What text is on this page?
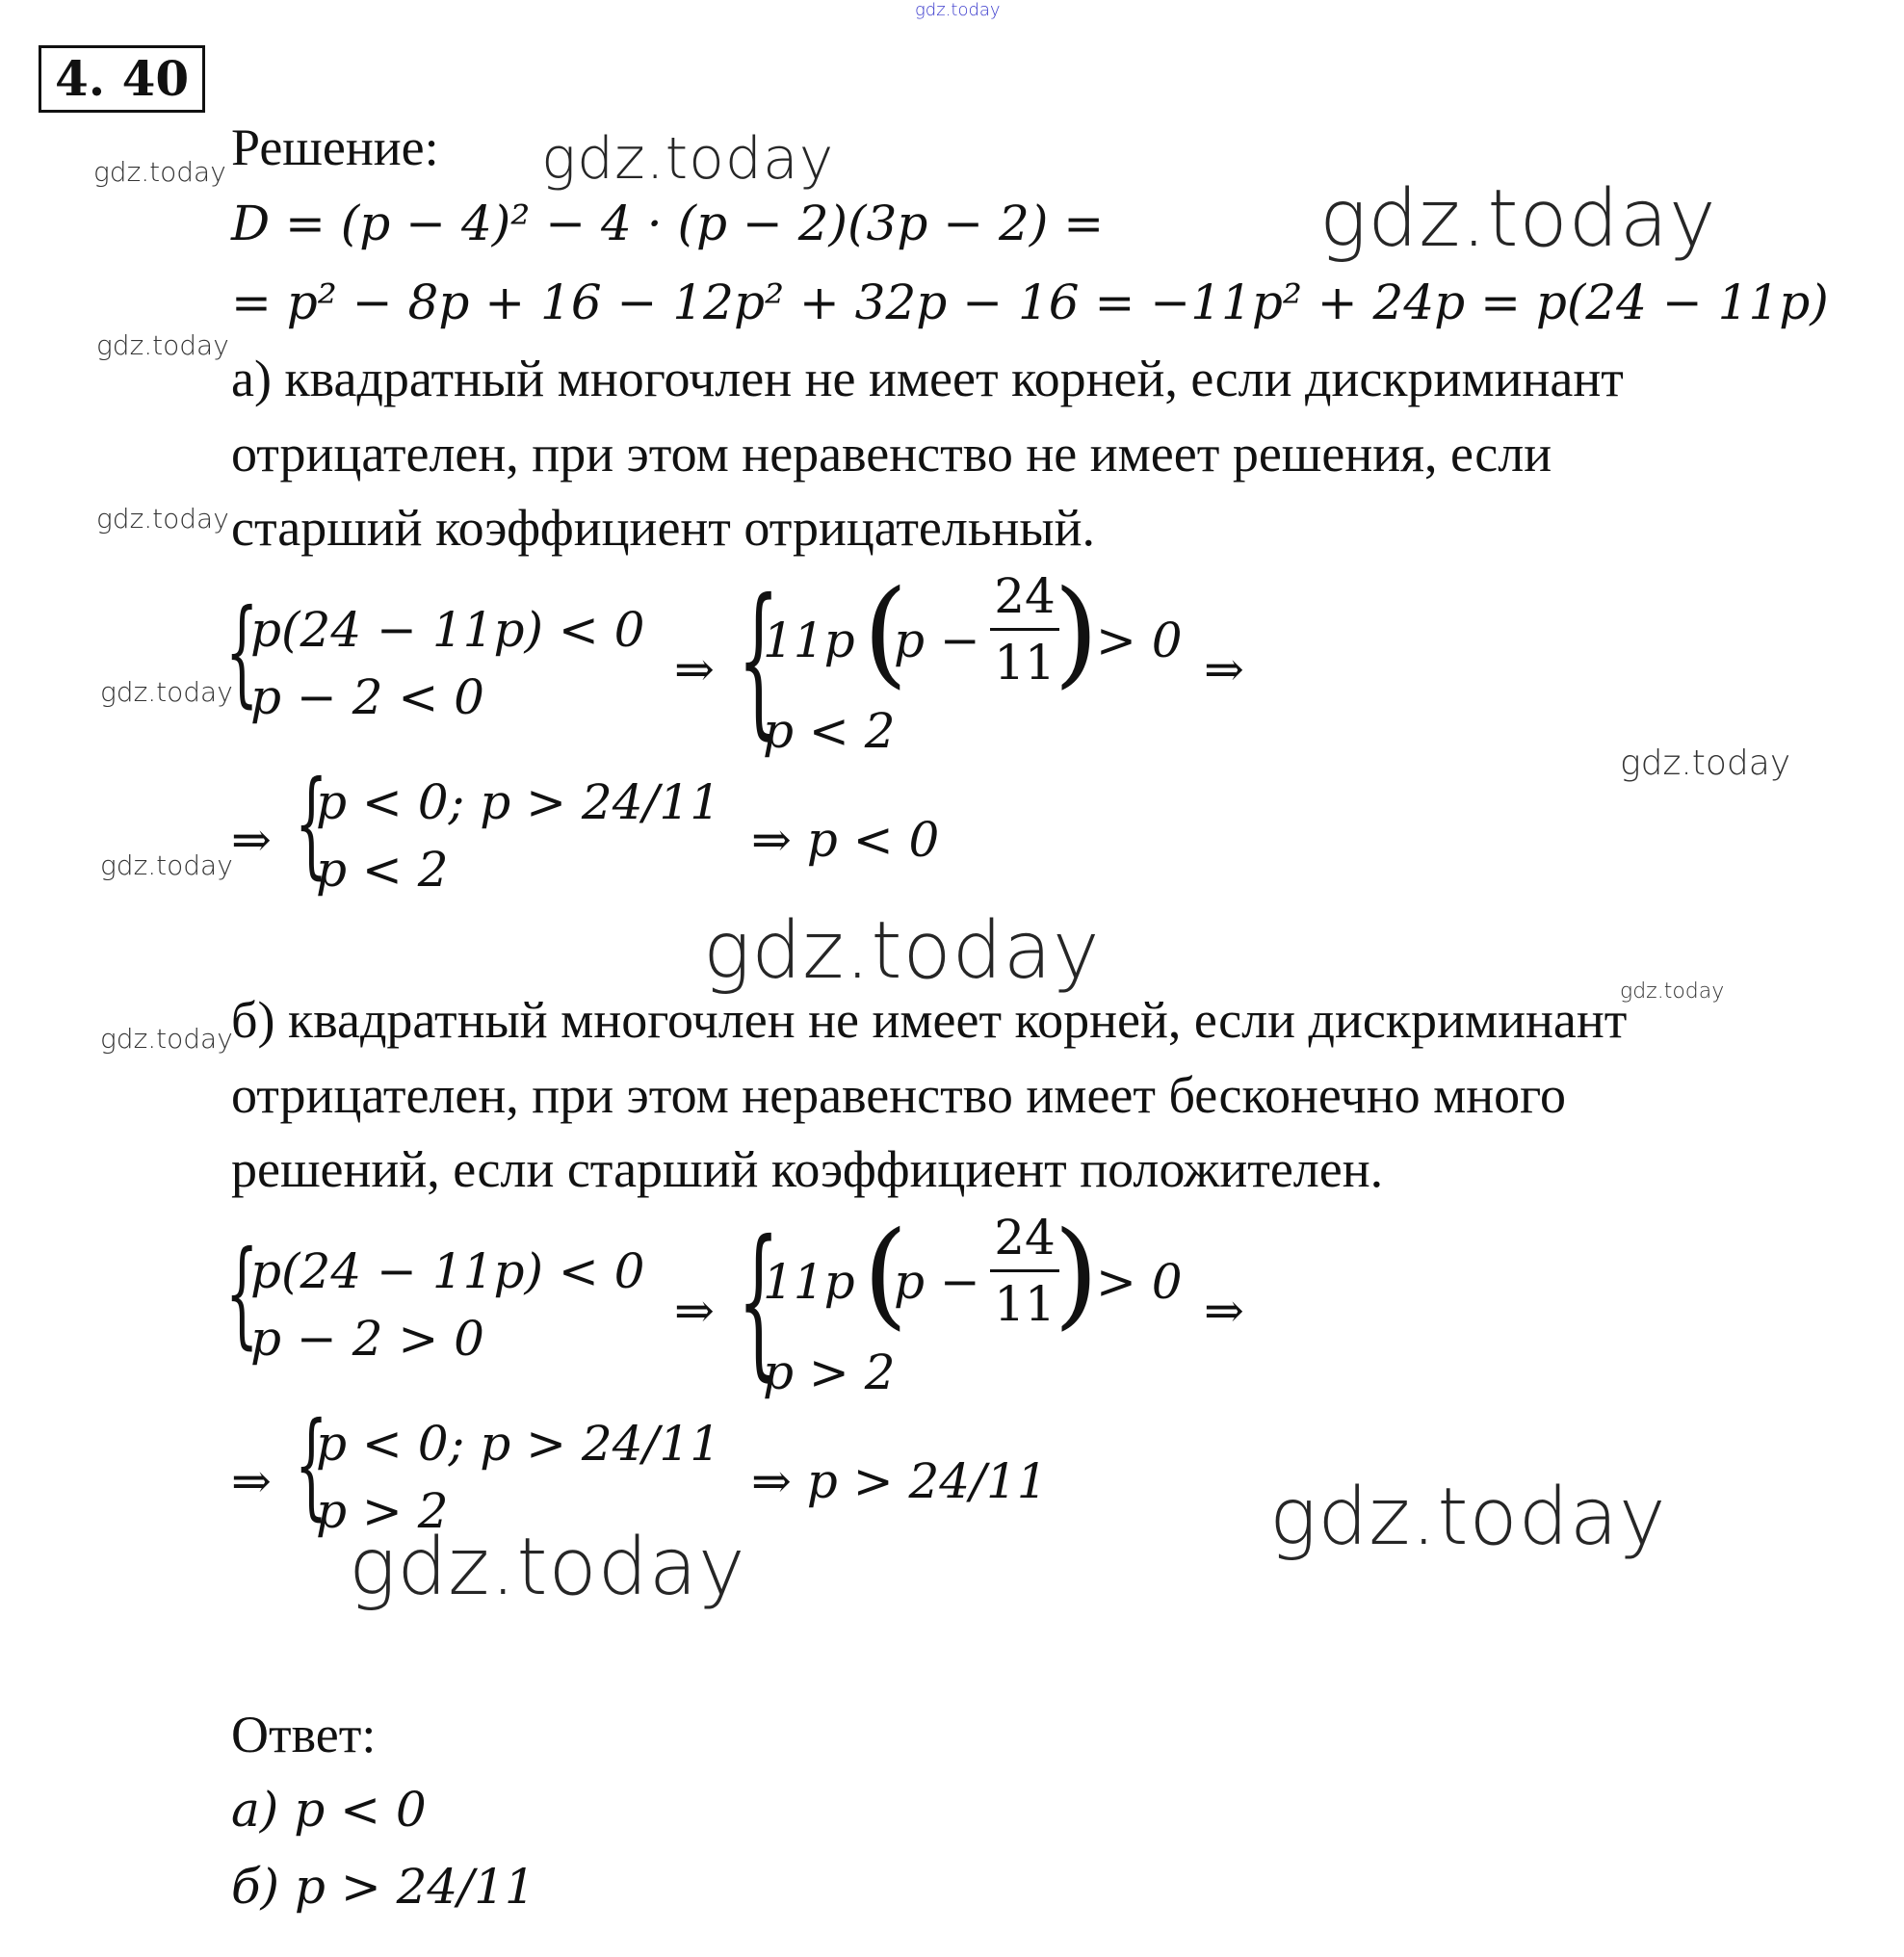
gdz.today
4. 40
gdz.today
gdz.today
gdz.today
gdz.today
gdz.today
gdz.today
gdz.today
gdz.today
gdz.today
gdz.today
gdz.today
gdz.today
gdz.today
Решение:
D = (p − 4)² − 4 · (p − 2)(3p − 2) =
= p² − 8p + 16 − 12p² + 32p − 16 = −11p² + 24p = p(24 − 11p)
а) квадратный многочлен не имеет корней, если дискриминант
отрицателен, при этом неравенство не имеет решения, если
старший коэффициент отрицательный.
{
p(24 − 11p) < 0
p − 2 < 0	⇒ {
11p (
p −
24
11
)
> 0
p < 2
⇒
⇒ {
p < 0; p > 24/11
p < 2
⇒ p < 0
б) квадратный многочлен не имеет корней, если дискриминант
отрицателен, при этом неравенство имеет бесконечно много
решений, если старший коэффициент положителен.
{
p(24 − 11p) < 0
p − 2 > 0	⇒ {
11p (
p −
24
11
)
> 0
p > 2
⇒
⇒ {
p < 0; p > 24/11
p > 2
⇒ p > 24/11
Ответ:
а) p < 0
б) p > 24/11
